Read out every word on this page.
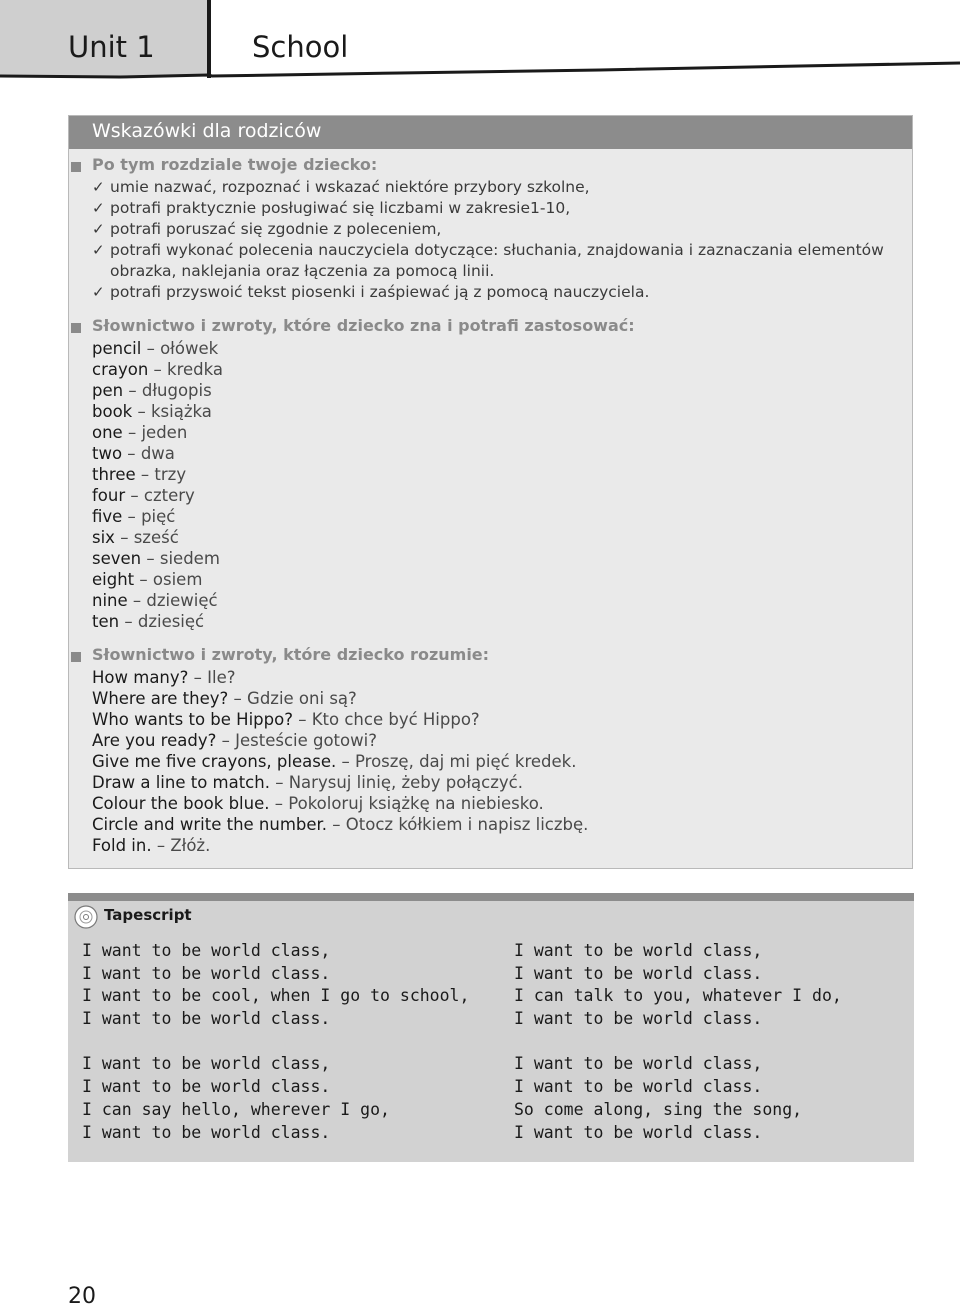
Unit 1	School
Wskazówki dla rodziców
Po tym rozdziale twoje dziecko:
✓ umie nazwać, rozpoznać i wskazać niektóre przybory szkolne,
✓ potrafi praktycznie posługiwać się liczbami w zakresie1-10,
✓ potrafi poruszać się zgodnie z poleceniem,
✓ potrafi wykonać polecenia nauczyciela dotyczące: słuchania, znajdowania i zaznaczania elementów obrazka, naklejania oraz łączenia za pomocą linii.
✓ potrafi przyswoić tekst piosenki i zaśpiewać ją z pomocą nauczyciela.
Słownictwo i zwroty, które dziecko zna i potrafi zastosować:
pencil – ołówek
crayon – kredka
pen – długopis
book – książka
one – jeden
two – dwa
three – trzy
four – cztery
five – pięć
six – sześć
seven – siedem
eight – osiem
nine – dziewięć
ten – dziesięć
Słownictwo i zwroty, które dziecko rozumie:
How many? – Ile?
Where are they? – Gdzie oni są?
Who wants to be Hippo? – Kto chce być Hippo?
Are you ready? – Jesteście gotowi?
Give me five crayons, please. – Proszę, daj mi pięć kredek.
Draw a line to match. – Narysuj linię, żeby połączyć.
Colour the book blue. – Pokoloruj książkę na niebiesko.
Circle and write the number. – Otocz kółkiem i napisz liczbę.
Fold in. – Złóż.
Tapescript
I want to be world class,
I want to be world class.
I want to be cool, when I go to school,
I want to be world class.
I want to be world class,
I want to be world class.
I can say hello, wherever I go,
I want to be world class.
I want to be world class,
I want to be world class.
I can talk to you, whatever I do,
I want to be world class.
I want to be world class,
I want to be world class.
So come along, sing the song,
I want to be world class.
20
